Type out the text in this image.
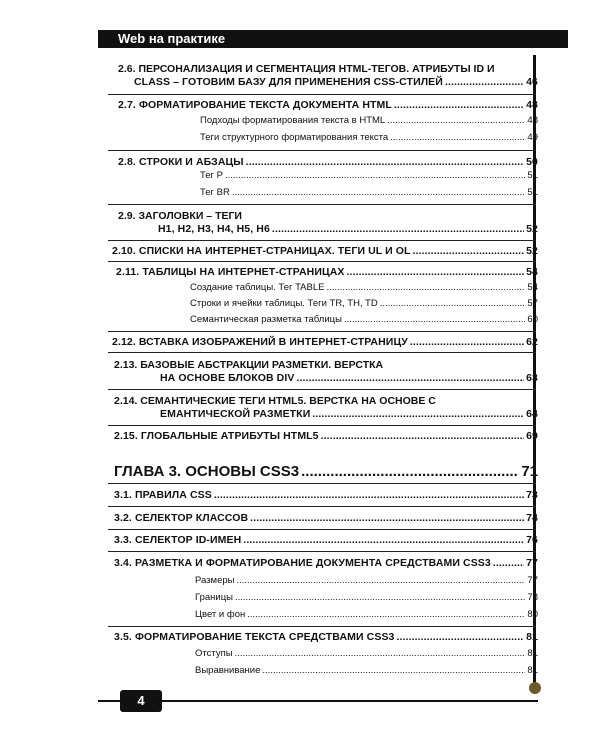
Web на практике
2.6. ПЕРСОНАЛИЗАЦИЯ И СЕГМЕНТАЦИЯ HTML-ТЕГОВ. АТРИБУТЫ ID И
CLASS – ГОТОВИМ БАЗУ ДЛЯ ПРИМЕНЕНИЯ CSS-СТИЛЕЙ .....	46
2.7. ФОРМАТИРОВАНИЕ ТЕКСТА ДОКУМЕНТА HTML .....	48
Подходы форматирования текста в HTML .....	48
Теги структурного форматирования текста .....	49
2.8. СТРОКИ И АБЗАЦЫ .....	50
Тег P .....	51
Тег BR .....	51
2.9. ЗАГОЛОВКИ – ТЕГИ
H1, H2, H3, H4, H5, H6 .....	52
2.10. СПИСКИ НА ИНТЕРНЕТ-СТРАНИЦАХ. ТЕГИ UL И OL .....	52
2.11. ТАБЛИЦЫ НА ИНТЕРНЕТ-СТРАНИЦАХ .....	54
Создание таблицы. Тег TABLE .....	54
Строки и ячейки таблицы. Теги TR, TH, TD .....	57
Семантическая разметка таблицы .....	60
2.12. ВСТАВКА ИЗОБРАЖЕНИЙ В ИНТЕРНЕТ-СТРАНИЦУ .....	62
2.13. БАЗОВЫЕ АБСТРАКЦИИ РАЗМЕТКИ. ВЕРСТКА
НА ОСНОВЕ БЛОКОВ DIV .....	63
2.14. СЕМАНТИЧЕСКИЕ ТЕГИ HTML5. ВЕРСТКА НА ОСНОВЕ С
ЕМАНТИЧЕСКОЙ РАЗМЕТКИ .....	64
2.15. ГЛОБАЛЬНЫЕ АТРИБУТЫ HTML5 .....	69
ГЛАВА 3. ОСНОВЫ CSS3 .....	71
3.1. ПРАВИЛА CSS .....	73
3.2. СЕЛЕКТОР КЛАССОВ .....	74
3.3. СЕЛЕКТОР ID-ИМЕН .....	76
3.4. РАЗМЕТКА И ФОРМАТИРОВАНИЕ ДОКУМЕНТА СРЕДСТВАМИ CSS3 .....	77
Размеры .....	77
Границы .....	78
Цвет и фон .....	80
3.5. ФОРМАТИРОВАНИЕ ТЕКСТА СРЕДСТВАМИ CSS3 .....	81
Отступы .....	81
Выравнивание .....	81
4
